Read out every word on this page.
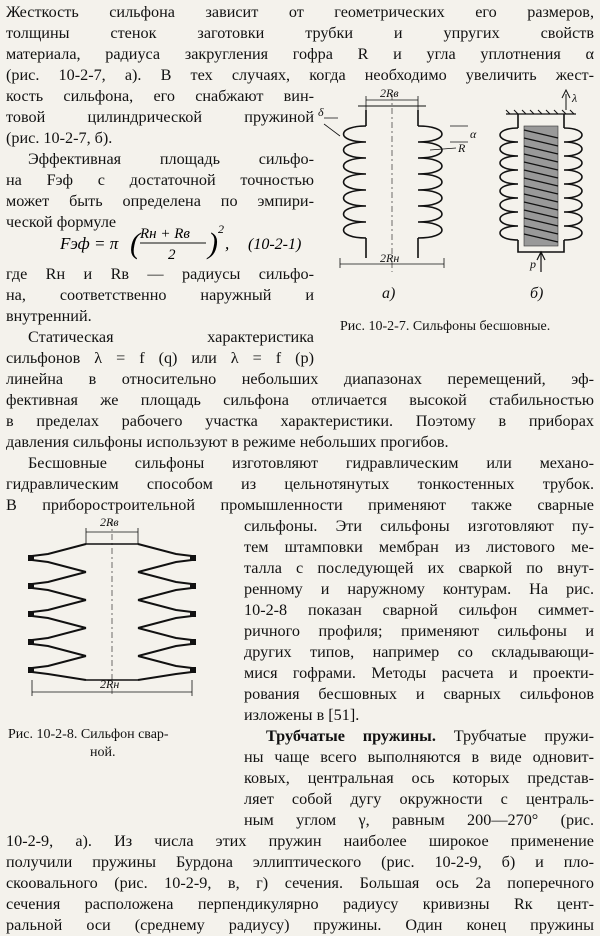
Жесткость сильфона зависит от геометрических его размеров,
толщины стенок заготовки трубки и упругих свойств
материала, радиуса закругления гофра R и угла уплотнения α
(рис. 10-2-7, а). В тех случаях, когда необходимо увеличить жест-
кость сильфона, его снабжают вин-
товой цилиндрической пружиной
(рис. 10-2-7, б).
Эффективная площадь сильфо-
на Fэф с достаточной точностью
может быть определена по эмпири-
ческой формуле
Fэф = π ( Rн + Rв
2 ) 2
, (10-2-1)
где Rн и Rв — радиусы сильфо-
на, соответственно наружный и
внутренний.
Статическая характеристика
сильфонов λ = f (q) или λ = f (p)
2Rв
2Rн
δ
α
R
p
λ
а)	б)
Рис. 10-2-7. Сильфоны бесшовные.
линейна в относительно небольших диапазонах перемещений, эф-
фективная же площадь сильфона отличается высокой стабильностью
в пределах рабочего участка характеристики. Поэтому в приборах
давления сильфоны используют в режиме небольших прогибов.
Бесшовные сильфоны изготовляют гидравлическим или механо-
гидравлическим способом из цельнотянутых тонкостенных трубок.
В приборостроительной промышленности применяют также сварные
2Rв
2Rн
Рис. 10-2-8. Сильфон свар-
ной.
сильфоны. Эти сильфоны изготовляют пу-
тем штамповки мембран из листового ме-
талла с последующей их сваркой по внут-
ренному и наружному контурам. На рис.
10-2-8 показан сварной сильфон симмет-
ричного профиля; применяют сильфоны и
других типов, например со складывающи-
мися гофрами. Методы расчета и проекти-
рования бесшовных и сварных сильфонов
изложены в [51].
Трубчатые пружины. Трубчатые пружи-
ны чаще всего выполняются в виде одновит-
ковых, центральная ось которых представ-
ляет собой дугу окружности с централь-
ным углом γ, равным 200—270° (рис.
10-2-9, а). Из числа этих пружин наиболее широкое применение
получили пружины Бурдона эллиптического (рис. 10-2-9, б) и пло-
скоовального (рис. 10-2-9, в, г) сечения. Большая ось 2а поперечного
сечения расположена перпендикулярно радиусу кривизны Rк цент-
ральной оси (среднему радиусу) пружины. Один конец пружины
